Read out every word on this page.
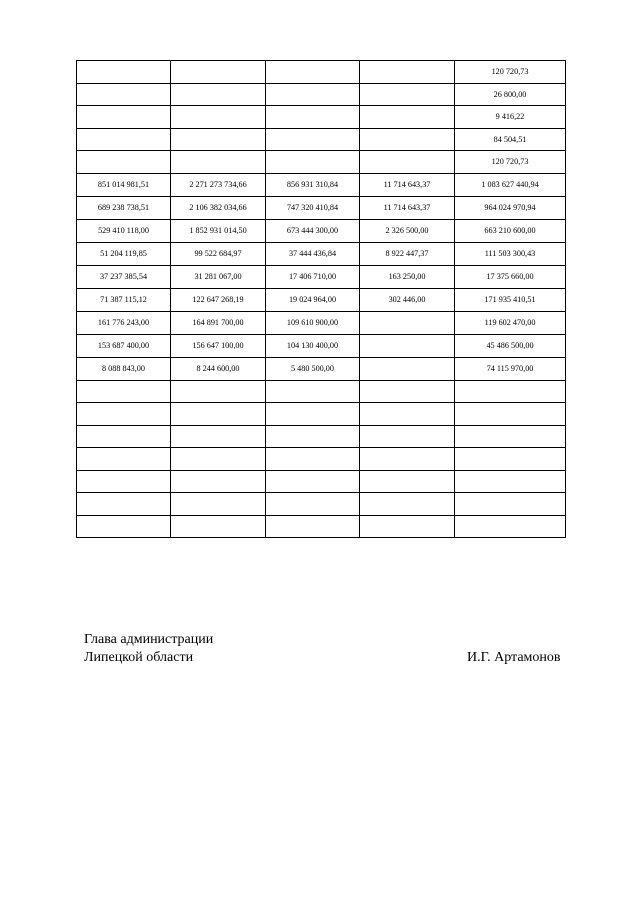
				120 720,73
				26 800,00
				9 416,22
				84 504,51
				120 720,73
851 014 981,51	2 271 273 734,66	856 931 310,84	11 714 643,37	1 083 627 440,94
689 238 738,51	2 106 382 034,66	747 320 410,84	11 714 643,37	964 024 970,94
529 410 118,00	1 852 931 014,50	673 444 300,00	2 326 500,00	663 210 600,00
51 204 119,85	99 522 684,97	37 444 436,84	8 922 447,37	111 503 300,43
37 237 385,54	31 281 067,00	17 406 710,00	163 250,00	17 375 660,00
71 387 115,12	122 647 268,19	19 024 964,00	302 446,00	171 935 410,51
161 776 243,00	164 891 700,00	109 610 900,00		119 602 470,00
153 687 400,00	156 647 100,00	104 130 400,00		45 486 500,00
8 088 843,00	8 244 600,00	5 480 500,00		74 115 970,00

Глава администрации
Липецкой области	И.Г. Артамонов
